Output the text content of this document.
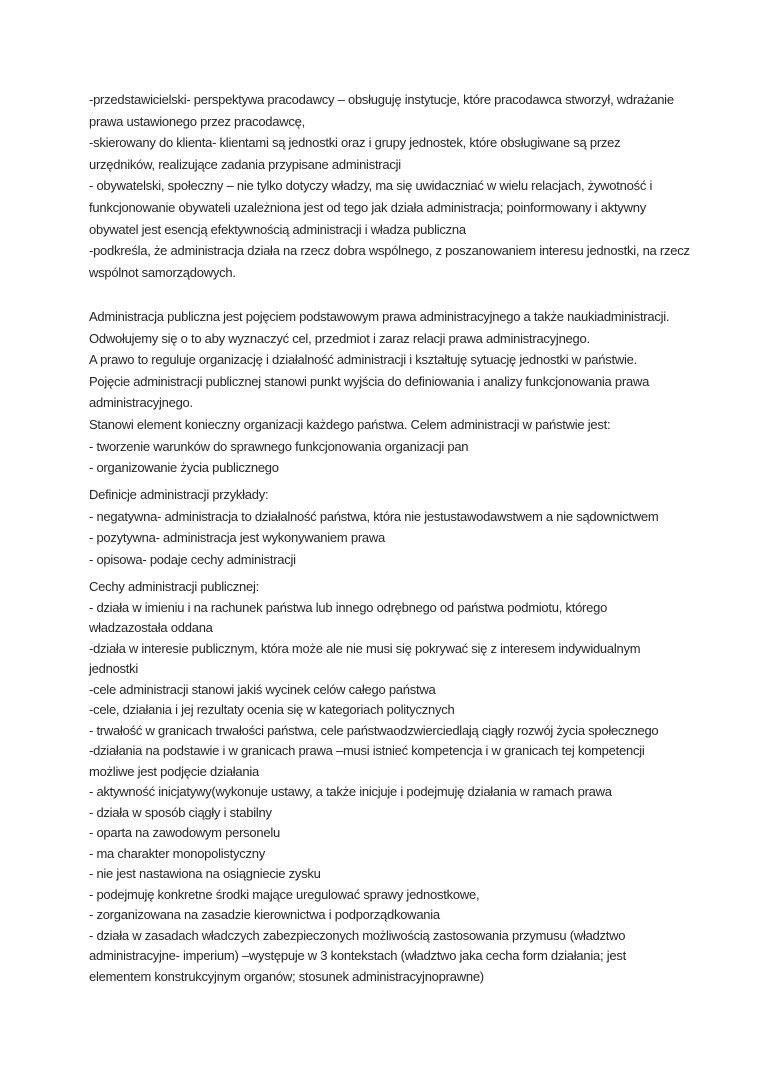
-przedstawicielski- perspektywa pracodawcy – obsługuję instytucje, które pracodawca stworzył, wdrażanie
prawa ustawionego przez pracodawcę,
-skierowany do klienta- klientami są jednostki oraz i grupy jednostek, które obsługiwane są przez
urzędników, realizujące zadania przypisane administracji
- obywatelski, społeczny – nie tylko dotyczy władzy, ma się uwidaczniać w wielu relacjach, żywotność i
funkcjonowanie obywateli uzależniona jest od tego jak działa administracja; poinformowany i aktywny
obywatel jest esencją efektywnością administracji i władza publiczna
-podkreśla, że administracja działa na rzecz dobra wspólnego, z poszanowaniem interesu jednostki, na rzecz
wspólnot samorządowych.
Administracja publiczna jest pojęciem podstawowym prawa administracyjnego a także naukiadministracji.
Odwołujemy się o to aby wyznaczyć cel, przedmiot i zaraz relacji prawa administracyjnego.
A prawo to reguluje organizację i działalność administracji i kształtuję sytuację jednostki w państwie.
Pojęcie administracji publicznej stanowi punkt wyjścia do definiowania i analizy funkcjonowania prawa
administracyjnego.
Stanowi element konieczny organizacji każdego państwa. Celem administracji w państwie jest:
- tworzenie warunków do sprawnego funkcjonowania organizacji pan
- organizowanie życia publicznego
Definicje administracji przykłady:
- negatywna- administracja to działalność państwa, która nie jestustawodawstwem a nie sądownictwem
- pozytywna- administracja jest wykonywaniem prawa
- opisowa- podaje cechy administracji
Cechy administracji publicznej:
- działa w imieniu i na rachunek państwa lub innego odrębnego od państwa podmiotu, którego
władzazostała oddana
-działa w interesie publicznym, która może ale nie musi się pokrywać się z interesem indywidualnym
jednostki
-cele administracji stanowi jakiś wycinek celów całego państwa
-cele, działania i jej rezultaty ocenia się w kategoriach politycznych
- trwałość w granicach trwałości państwa, cele państwaodzwierciedlają ciągły rozwój życia społecznego
-działania na podstawie i w granicach prawa –musi istnieć kompetencja i w granicach tej kompetencji
możliwe jest podjęcie działania
- aktywność inicjatywy(wykonuje ustawy, a także inicjuje i podejmuję działania w ramach prawa
- działa w sposób ciągły i stabilny
- oparta na zawodowym personelu
- ma charakter monopolistyczny
- nie jest nastawiona na osiągniecie zysku
- podejmuję konkretne środki mające uregulować sprawy jednostkowe,
- zorganizowana na zasadzie kierownictwa i podporządkowania
- działa w zasadach władczych zabezpieczonych możliwością zastosowania przymusu (władztwo
administracyjne- imperium) –występuje w 3 kontekstach (władztwo jaka cecha form działania; jest
elementem konstrukcyjnym organów; stosunek administracyjnoprawne)
